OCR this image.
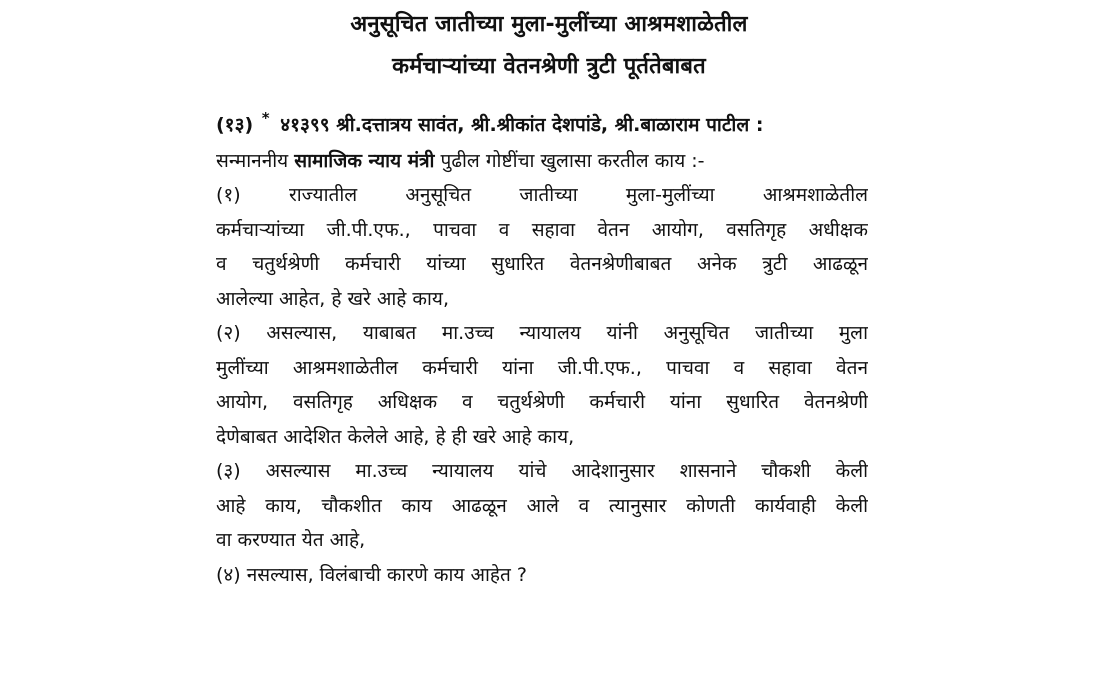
अनुसूचित जातीच्या मुला-मुलींच्या आश्रमशाळेतील
कर्मचाऱ्यांच्या वेतनश्रेणी त्रुटी पूर्ततेबाबत
(१३) * ४१३९९ श्री.दत्तात्रय सावंत, श्री.श्रीकांत देशपांडे, श्री.बाळाराम पाटील :
सन्माननीय सामाजिक न्याय मंत्री पुढील गोष्टींचा खुलासा करतील काय :-
(१) राज्यातील अनुसूचित जातीच्या मुला-मुलींच्या आश्रमशाळेतील
कर्मचाऱ्यांच्या जी.पी.एफ., पाचवा व सहावा वेतन आयोग, वसतिगृह अधीक्षक
व चतुर्थश्रेणी कर्मचारी यांच्या सुधारित वेतनश्रेणीबाबत अनेक त्रुटी आढळून
आलेल्या आहेत, हे खरे आहे काय,
(२) असल्यास, याबाबत मा.उच्च न्यायालय यांनी अनुसूचित जातीच्या मुला
मुलींच्या आश्रमशाळेतील कर्मचारी यांना जी.पी.एफ., पाचवा व सहावा वेतन
आयोग, वसतिगृह अधिक्षक व चतुर्थश्रेणी कर्मचारी यांना सुधारित वेतनश्रेणी
देणेबाबत आदेशित केलेले आहे, हे ही खरे आहे काय,
(३) असल्यास मा.उच्च न्यायालय यांचे आदेशानुसार शासनाने चौकशी केली
आहे काय, चौकशीत काय आढळून आले व त्यानुसार कोणती कार्यवाही केली
वा करण्यात येत आहे,
(४) नसल्यास, विलंबाची कारणे काय आहेत ?
